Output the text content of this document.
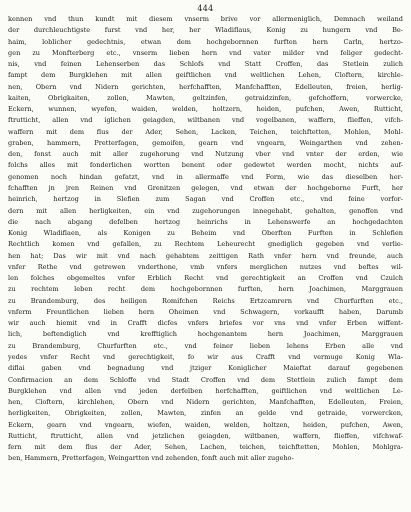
444
kennen vnd thun kundt mit diesem vnserm brive vor allermeniglich, Demnach weiland
der durchleuchtigste furst vnd her, her Wladiflaus, Konig zu hungern vnd Be-
haim, loblicher gedechtnis, etwan dem hochgebornnen furften hern Carln, hertzo-
gen zu Monfterberg etc., vnserm lieben hern vnd vater milder vnd feliger gedecht-
nis, vnd feinen Lehenserben das Schlofs vnd Statt Croffen, das Stetlein zulich
fampt dem Burgklehen mit allen geiftlichen vnd weltlichen Lehen, Cloftern, kirchle-
nen, Obern vnd Nidern gerichten, herfchafften, Manfchafften, Edelleuten, freien, herlig-
kaiten, Obrigkaiten, zollen, Mawten, geltzinfen, getraidzinfen, gefchoffern, vorwercke,
Eckern, wunnen, wyefen, waiden, welden, holtzern, heiden, pufchen, Awen, Rutticht,
ftrutticht, allen vnd iglichen geiagden, wiltbanen vnd vogelbanen, waffern, flieffen, vifch-
waffern mit dem flus der Ader, Sehen, Lacken, Teichen, teichftetten, Mohlen, Mohl-
graben, hammern, Pretterfagen, gemoifen, gearn vnd vngearn, Weingarthen vnd zehen-
den, fonst auch mit aller zugehorung vnd Nutzung vber vnd vnter der erden, wie
folchs alles mit fonderlichen wortten benent oder gedewtet werden mocht, nichts auf-
genomen noch hindan gefatzt, vnd in allermaffe vnd Form, wie das dieselben her-
fchafften jn jren Reinen vnd Grenitzen gelegen, vnd etwan der hochgeborne Furft, her
heinrich, hertzog in Slefien zum Sagan vnd Croffen etc., vnd feine vorfor-
dern mit allen herligkeiten, ein vnd zugehorungen innegehabt, gehalten, genoffen vnd
die nach abgang defelben hertzog heinrichs in Lehenswerfe an hochgedachten
Konig Wladiflaen, als Konigen zu Beheim vnd Oberften Furften in Schlefien
Rechtlich komen vnd gefallen, zu Rechtem Leheurecht gnediglich gegeben vnd verlie-
hen hat; Das wir mit vnd nach gehabtem zeittigen Rath vnfer hern vnd freunde, auch
vnfer Rethe vnd getrewen vnderthone, vmb vnfers merglichen nutzes vnd beftes wil-
len folches obgemeltes vnfer Erblich Recht vnd gerechtigkeit an Croffen vnd Czulch
zu rechtem leben recht dem hochgebornnen furften, hern Joachimen, Marggrauen
zu Brandemburg, des heiligen Romifchen Reichs Ertzcamrern vnd Churfurften etc.,
vnferm Freuntlichen lieben hern Oheimen vnd Schwagern, vorkaufft haben, Darumb
wir auch hiemit vnd in Crafft dicfes vnfers briefes vor vns vnd vnfer Erben wiffent-
lich, beftendiglich vnd krefftiglich hochgenantem hern Joachimen, Marggrauen
zu Brandemburg, Churfurften etc., vnd feiner lieben lehens Erben alle vnd
yedes vnfer Recht vnd gerechtigkeit, fo wir aus Crafft vnd vermuge Konig Wla-
diflai gaben vnd begnadung vnd jtziger Koniglicher Maieftat darauf gegebenen
Confirmacion an dem Schloffe vnd Stadt Croffen vnd dem Stettlein zulich fampt dem
Burgklehen vnd allen vnd jeden derfelben herfchafften, geiftlichen vnd weltlichen Le-
hen, Cloftern, kirchlehen, Obern vnd Nidern gerichten, Manfchafften, Edelleuten, Freien,
herligkeiten, Obrigkeiten, zollen, Mawten, zinfen an gelde vnd getraide, vorwercken,
Eckern, gearn vnd vngearn, wiefen, waiden, welden, holtzen, heiden, pufchen, Awen,
Rutticht, ftrutticht, allen vnd jetzlichen geiagden, wiltbanen, waffern, flieffen, vifchwaf-
fern mit dem flus der Ader, Sehen, Lachen, teichen, teichftetten, Mohlen, Mohlgra-
ben, Hammern, Pretterfagen, Weingartten vnd zehenden, fonft auch mit aller zugeho-
